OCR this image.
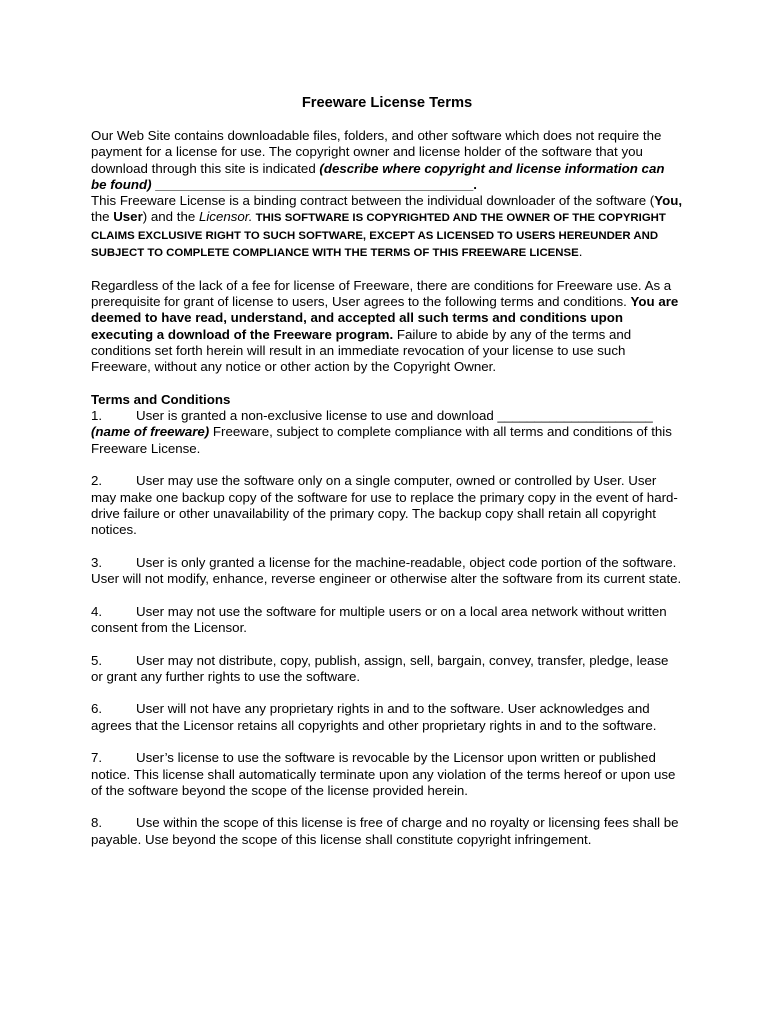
Freeware License Terms

Our Web Site contains downloadable files, folders, and other software which does not require the payment for a license for use. The copyright owner and license holder of the software that you download through this site is indicated (describe where copyright and license information can be found) ___________________________________________.

This Freeware License is a binding contract between the individual downloader of the software (You, the User) and the Licensor. THIS SOFTWARE IS COPYRIGHTED AND THE OWNER OF THE COPYRIGHT CLAIMS EXCLUSIVE RIGHT TO SUCH SOFTWARE, EXCEPT AS LICENSED TO USERS HEREUNDER AND SUBJECT TO COMPLETE COMPLIANCE WITH THE TERMS OF THIS FREEWARE LICENSE.

Regardless of the lack of a fee for license of Freeware, there are conditions for Freeware use. As a prerequisite for grant of license to users, User agrees to the following terms and conditions. You are deemed to have read, understand, and accepted all such terms and conditions upon executing a download of the Freeware program. Failure to abide by any of the terms and conditions set forth herein will result in an immediate revocation of your license to use such Freeware, without any notice or other action by the Copyright Owner.

Terms and Conditions

1.	User is granted a non-exclusive license to use and download _____________________ (name of freeware) Freeware, subject to complete compliance with all terms and conditions of this Freeware License.

2.	User may use the software only on a single computer, owned or controlled by User. User may make one backup copy of the software for use to replace the primary copy in the event of hard-drive failure or other unavailability of the primary copy. The backup copy shall retain all copyright notices.

3.	User is only granted a license for the machine-readable, object code portion of the software. User will not modify, enhance, reverse engineer or otherwise alter the software from its current state.

4.	User may not use the software for multiple users or on a local area network without written consent from the Licensor.

5.	User may not distribute, copy, publish, assign, sell, bargain, convey, transfer, pledge, lease or grant any further rights to use the software.

6.	User will not have any proprietary rights in and to the software. User acknowledges and agrees that the Licensor retains all copyrights and other proprietary rights in and to the software.

7.	User’s license to use the software is revocable by the Licensor upon written or published notice. This license shall automatically terminate upon any violation of the terms hereof or upon use of the software beyond the scope of the license provided herein.

8.	Use within the scope of this license is free of charge and no royalty or licensing fees shall be payable. Use beyond the scope of this license shall constitute copyright infringement.
